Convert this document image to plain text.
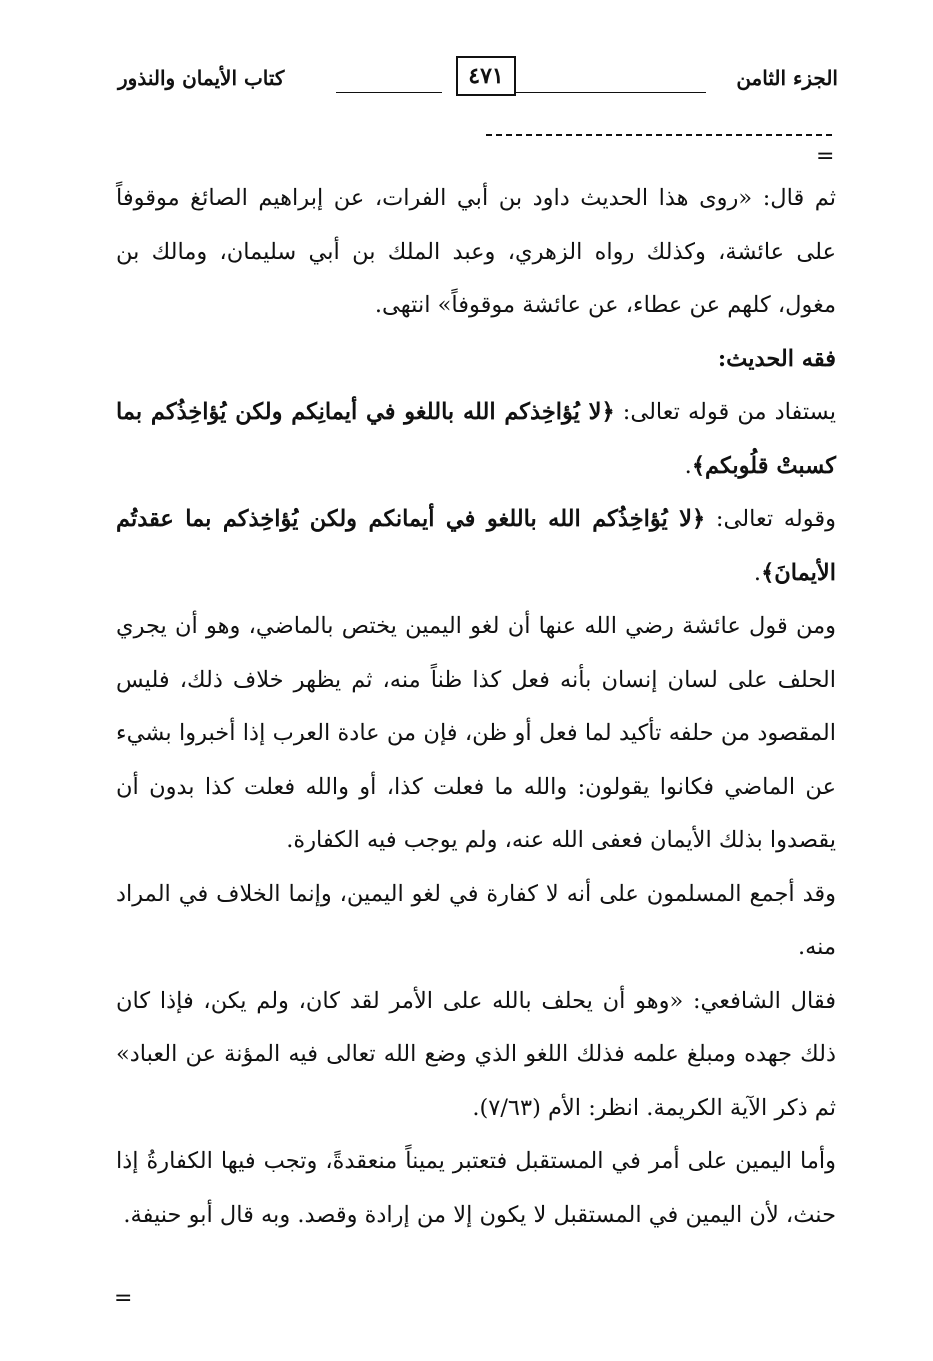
الجزء الثامن
٤٧١
كتاب الأيمان والنذور
=

ثم قال: «روى هذا الحديث داود بن أبي الفرات، عن إبراهيم الصائغ موقوفاً على عائشة، وكذلك رواه الزهري، وعبد الملك بن أبي سليمان، ومالك بن مغول، كلهم عن عطاء، عن عائشة موقوفاً» انتهى.

فقه الحديث:

يستفاد من قوله تعالى: ﴿لا يُؤاخِذكم الله باللغو في أيمانِكم ولكن يُؤاخِذُكم بما كسبتْ قلُوبكم﴾.

وقوله تعالى: ﴿لا يُؤاخِذُكم الله باللغو في أيمانكم ولكن يُؤاخِذكم بما عقدتُم الأيمانَ﴾.

ومن قول عائشة رضي الله عنها أن لغو اليمين يختص بالماضي، وهو أن يجري الحلف على لسان إنسان بأنه فعل كذا ظناً منه، ثم يظهر خلاف ذلك، فليس المقصود من حلفه تأكيد لما فعل أو ظن، فإن من عادة العرب إذا أخبروا بشيء عن الماضي فكانوا يقولون: والله ما فعلت كذا، أو والله فعلت كذا بدون أن يقصدوا بذلك الأيمان فعفى الله عنه، ولم يوجب فيه الكفارة.

وقد أجمع المسلمون على أنه لا كفارة في لغو اليمين، وإنما الخلاف في المراد منه.

فقال الشافعي: «وهو أن يحلف بالله على الأمر لقد كان، ولم يكن، فإذا كان ذلك جهده ومبلغ علمه فذلك اللغو الذي وضع الله تعالى فيه المؤنة عن العباد» ثم ذكر الآية الكريمة. انظر: الأم (٧/٦٣).

وأما اليمين على أمر في المستقبل فتعتبر يميناً منعقدةً، وتجب فيها الكفارةُ إذا حنث، لأن اليمين في المستقبل لا يكون إلا من إرادة وقصد. وبه قال أبو حنيفة.

=
